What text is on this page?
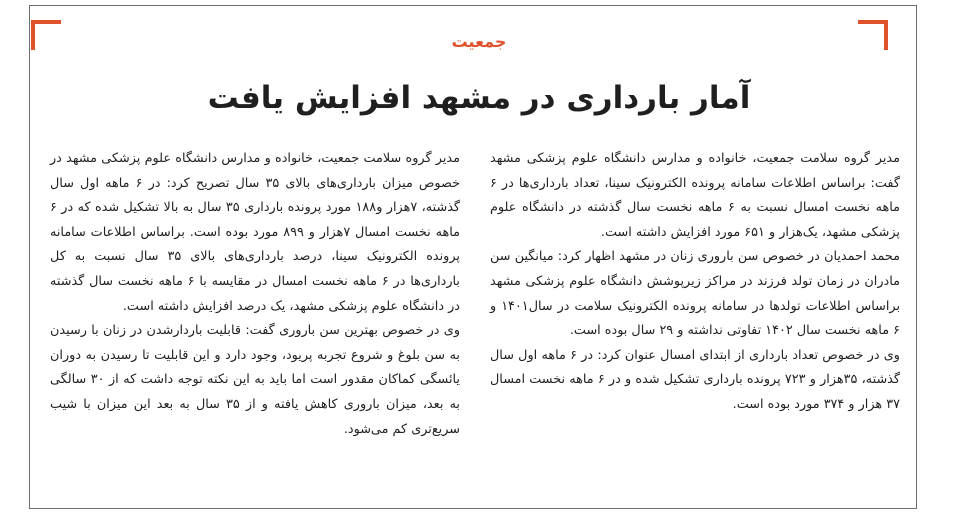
جمعیت
آمار بارداری در مشهد افزایش یافت

مدیر گروه سلامت جمعیت، خانواده و مدارس دانشگاه علوم پزشکی مشهد گفت: براساس اطلاعات سامانه پرونده الکترونیک سینا، تعداد بارداری‌ها در ۶ ماهه نخست امسال نسبت به ۶ ماهه نخست سال گذشته در دانشگاه علوم پزشکی مشهد، یک‌هزار و ۶۵۱ مورد افزایش داشته است.

محمد احمدیان در خصوص سن باروری زنان در مشهد اظهار کرد: میانگین سن مادران در زمان تولد فرزند در مراکز زیرپوشش دانشگاه علوم پزشکی مشهد براساس اطلاعات تولدها در سامانه پرونده الکترونیک سلامت در سال۱۴۰۱ و ۶ ماهه نخست سال ۱۴۰۲ تفاوتی نداشته و ۲۹ سال بوده است.

وی در خصوص تعداد بارداری از ابتدای امسال عنوان کرد: در ۶ ماهه اول سال گذشته، ۳۵هزار و ۷۲۳ پرونده بارداری تشکیل شده و در ۶ ماهه نخست امسال ۳۷ هزار و ۳۷۴ مورد بوده است.

مدیر گروه سلامت جمعیت، خانواده و مدارس دانشگاه علوم پزشکی مشهد در خصوص میزان بارداری‌های بالای ۳۵ سال تصریح کرد: در ۶ ماهه اول سال گذشته، ۷هزار و۱۸۸ مورد پرونده بارداری ۳۵ سال به بالا تشکیل شده که در ۶ ماهه نخست امسال ۷هزار و ۸۹۹ مورد بوده است. براساس اطلاعات سامانه پرونده الکترونیک سینا، درصد بارداری‌های بالای ۳۵ سال نسبت به کل بارداری‌ها در ۶ ماهه نخست امسال در مقایسه با ۶ ماهه نخست سال گذشته در دانشگاه علوم پزشکی مشهد، یک درصد افزایش داشته است.

وی در خصوص بهترین سن باروری گفت: قابلیت باردارشدن در زنان با رسیدن به سن بلوغ و شروع تجربه پریود، وجود دارد و این قابلیت تا رسیدن به دوران یائسگی کماکان مقدور است اما باید به این نکته توجه داشت که از ۳۰ سالگی به بعد، میزان باروری کاهش یافته و از ۳۵ سال به بعد این میزان با شیب سریع‌تری کم می‌شود.
